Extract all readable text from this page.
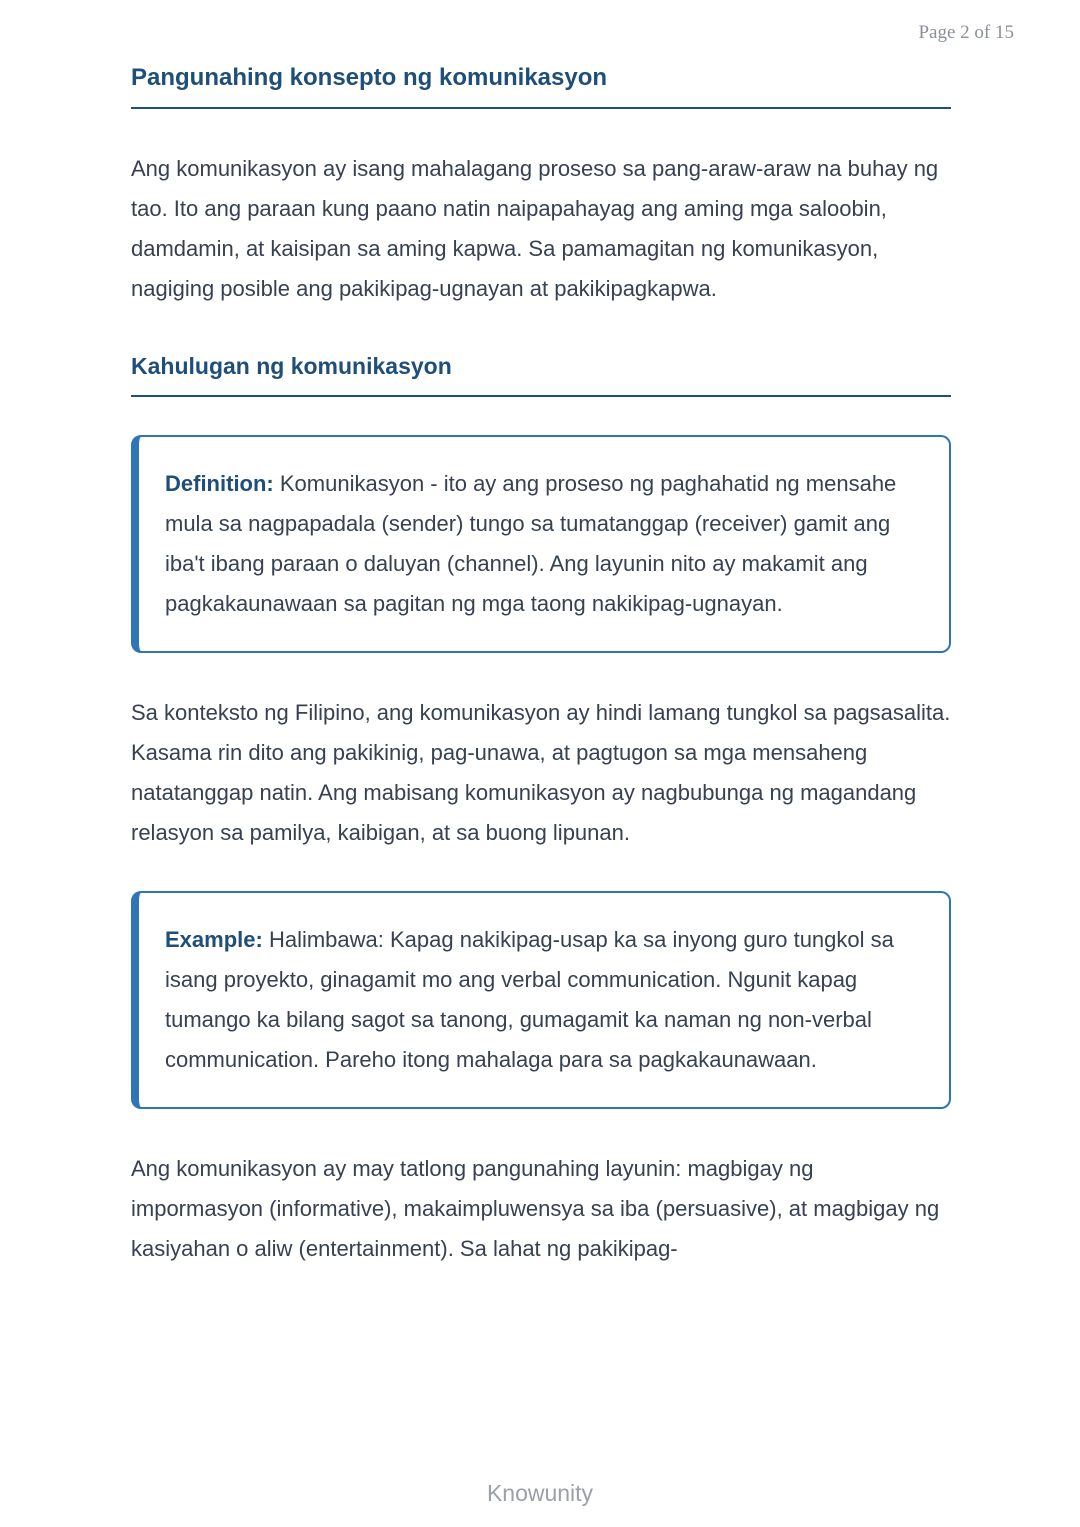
Page 2 of 15
Pangunahing konsepto ng komunikasyon

Ang komunikasyon ay isang mahalagang proseso sa pang-araw-araw na buhay ng tao. Ito ang paraan kung paano natin naipapahayag ang aming mga saloobin, damdamin, at kaisipan sa aming kapwa. Sa pamamagitan ng komunikasyon, nagiging posible ang pakikipag-ugnayan at pakikipagkapwa.

Kahulugan ng komunikasyon

Definition: Komunikasyon - ito ay ang proseso ng paghahatid ng mensahe mula sa nagpapadala (sender) tungo sa tumatanggap (receiver) gamit ang iba't ibang paraan o daluyan (channel). Ang layunin nito ay makamit ang pagkakaunawaan sa pagitan ng mga taong nakikipag-ugnayan.

Sa konteksto ng Filipino, ang komunikasyon ay hindi lamang tungkol sa pagsasalita. Kasama rin dito ang pakikinig, pag-unawa, at pagtugon sa mga mensaheng natatanggap natin. Ang mabisang komunikasyon ay nagbubunga ng magandang relasyon sa pamilya, kaibigan, at sa buong lipunan.

Example: Halimbawa: Kapag nakikipag-usap ka sa inyong guro tungkol sa isang proyekto, ginagamit mo ang verbal communication. Ngunit kapag tumango ka bilang sagot sa tanong, gumagamit ka naman ng non-verbal communication. Pareho itong mahalaga para sa pagkakaunawaan.

Ang komunikasyon ay may tatlong pangunahing layunin: magbigay ng impormasyon (informative), makaimpluwensya sa iba (persuasive), at magbigay ng kasiyahan o aliw (entertainment). Sa lahat ng pakikipag-

Knowunity
